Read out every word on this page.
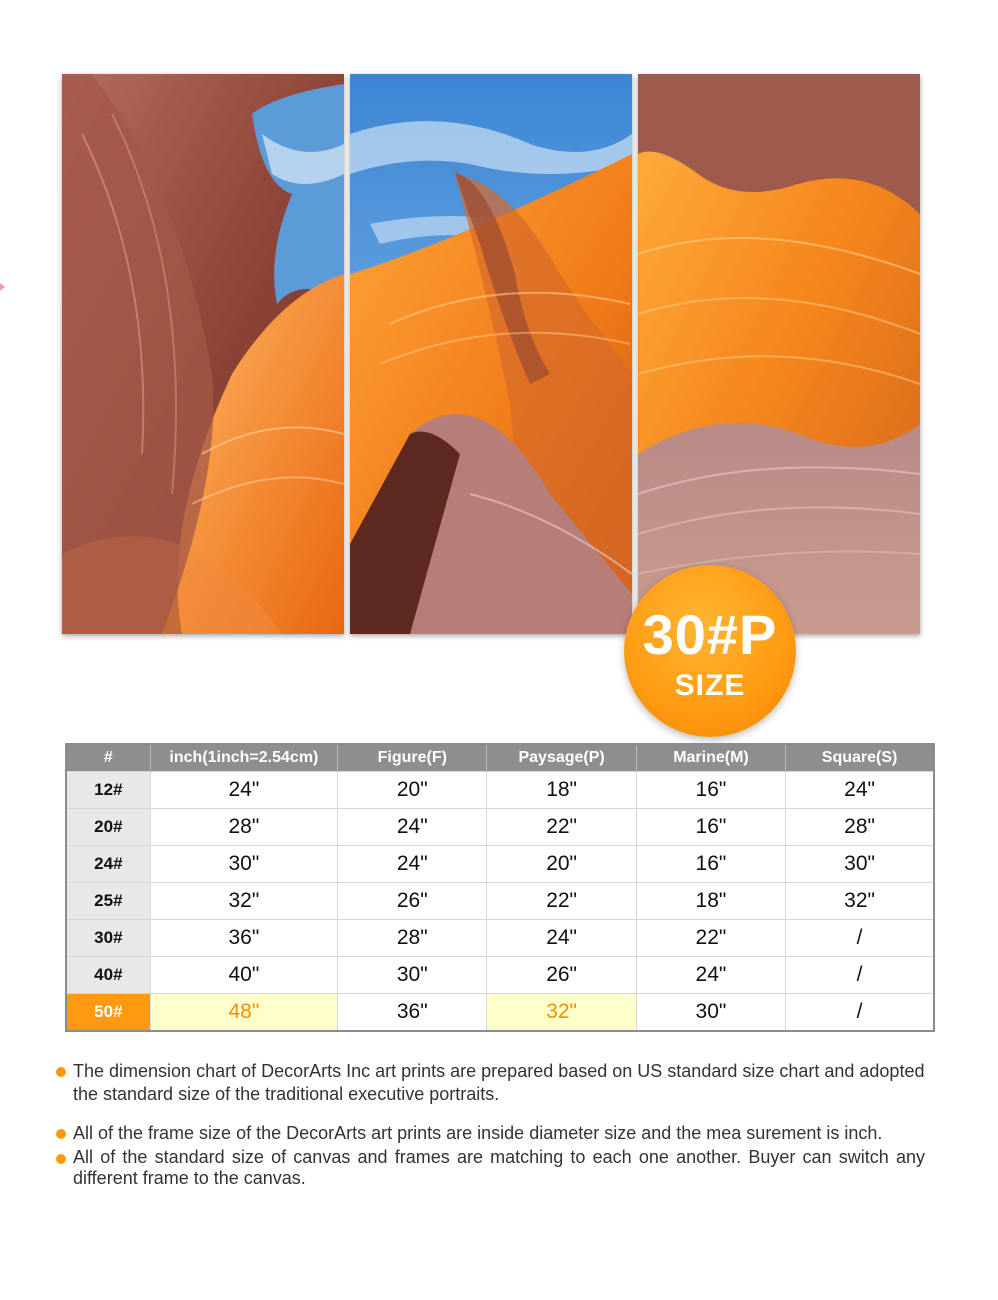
30#P
SIZE
#	inch(1inch=2.54cm)	Figure(F)	Paysage(P)	Marine(M)	Square(S)
12#	24"	20"	18"	16"	24"
20#	28"	24"	22"	16"	28"
24#	30"	24"	20"	16"	30"
25#	32"	26"	22"	18"	32"
30#	36"	28"	24"	22"	/
40#	40"	30"	26"	24"	/
50#	48"	36"	32"	30"	/
The dimension chart of DecorArts Inc art prints are prepared based on US standard size chart and adopted the standard size of the traditional executive portraits.
All of the frame size of the DecorArts art prints are inside diameter size and the mea surement is inch.
All of the standard size of canvas and frames are matching to each one another. Buyer can switch any different frame to the canvas.
